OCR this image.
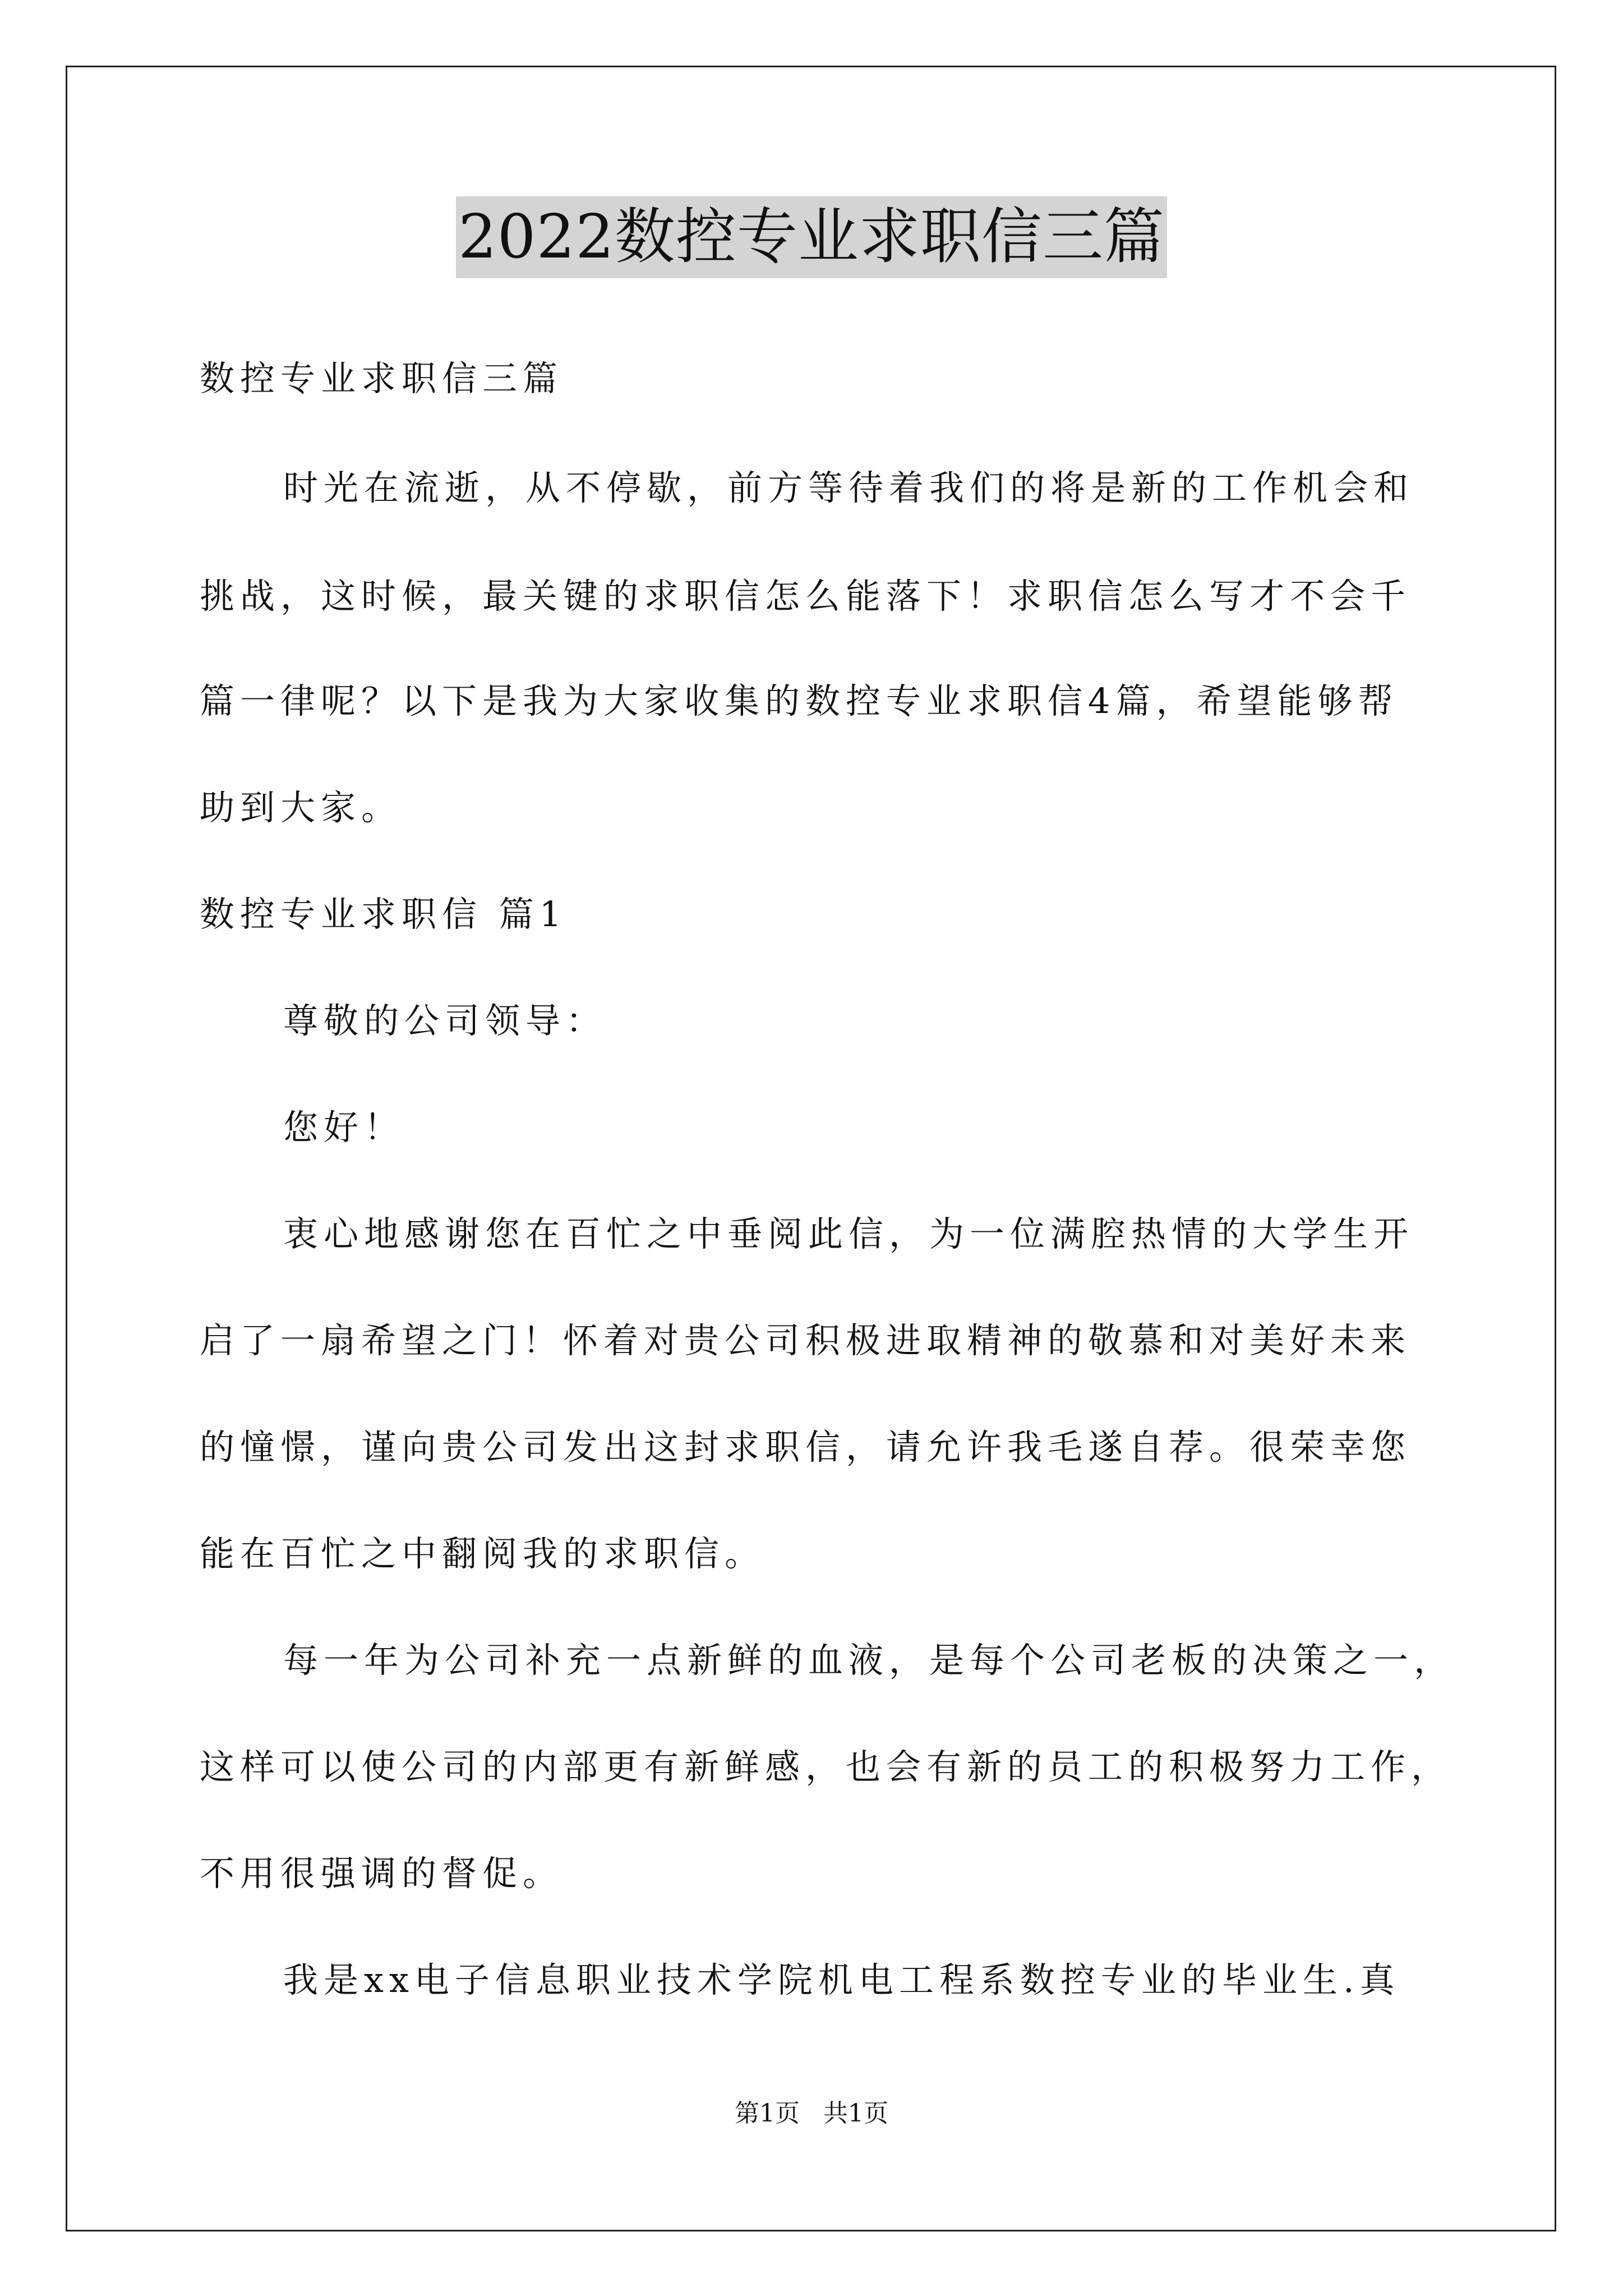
2022数控专业求职信三篇
数控专业求职信三篇
时光在流逝，从不停歇，前方等待着我们的将是新的工作机会和
挑战，这时候，最关键的求职信怎么能落下！求职信怎么写才不会千
篇一律呢？以下是我为大家收集的数控专业求职信4篇，希望能够帮
助到大家。
数控专业求职信 篇1
尊敬的公司领导：
您好！
衷心地感谢您在百忙之中垂阅此信，为一位满腔热情的大学生开
启了一扇希望之门！怀着对贵公司积极进取精神的敬慕和对美好未来
的憧憬，谨向贵公司发出这封求职信，请允许我毛遂自荐。很荣幸您
能在百忙之中翻阅我的求职信。
每一年为公司补充一点新鲜的血液，是每个公司老板的决策之一，
这样可以使公司的内部更有新鲜感，也会有新的员工的积极努力工作，
不用很强调的督促。
我是xx电子信息职业技术学院机电工程系数控专业的毕业生.真
第1页   共1页
